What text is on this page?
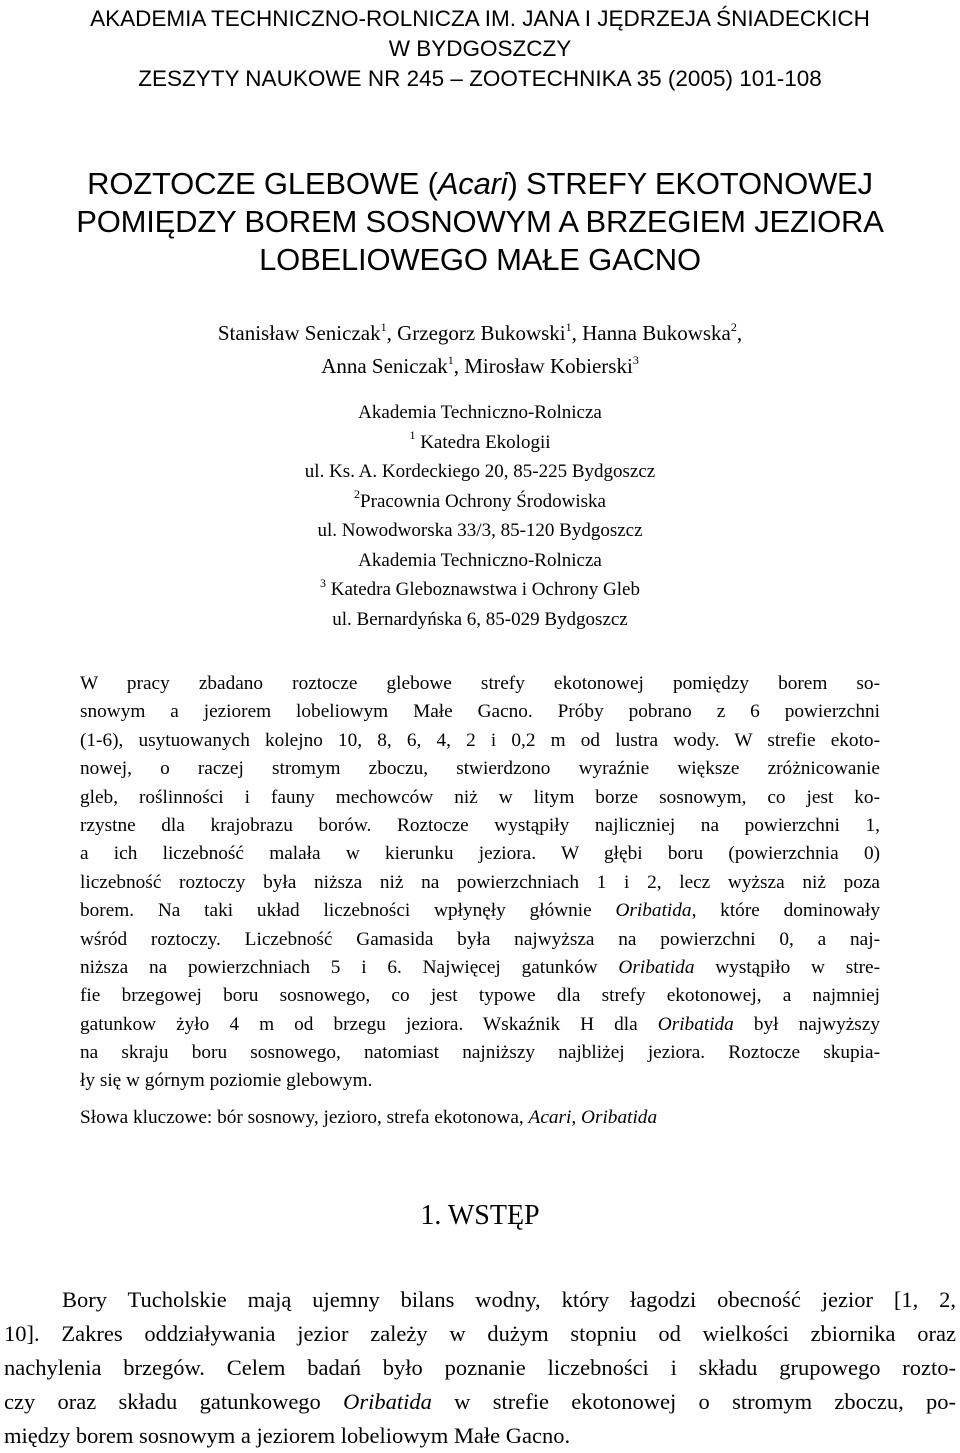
AKADEMIA TECHNICZNO-ROLNICZA IM. JANA I JĘDRZEJA ŚNIADECKICH
W BYDGOSZCZY
ZESZYTY NAUKOWE NR 245 – ZOOTECHNIKA 35 (2005) 101-108
ROZTOCZE GLEBOWE (Acari) STREFY EKOTONOWEJ
POMIĘDZY BOREM SOSNOWYM A BRZEGIEM JEZIORA
LOBELIOWEGO MAŁE GACNO
Stanisław Seniczak$^1$, Grzegorz Bukowski$^1$, Hanna Bukowska$^2$,
Anna Seniczak$^1$, Mirosław Kobierski$^3$
Akademia Techniczno-Rolnicza
$^1$ Katedra Ekologii
ul. Ks. A. Kordeckiego 20, 85-225 Bydgoszcz
$^2$Pracownia Ochrony Środowiska
ul. Nowodworska 33/3, 85-120 Bydgoszcz
Akademia Techniczno-Rolnicza
$^3$ Katedra Gleboznawstwa i Ochrony Gleb
ul. Bernardyńska 6, 85-029 Bydgoszcz
W pracy zbadano roztocze glebowe strefy ekotonowej pomiędzy borem so-
snowym a jeziorem lobeliowym Małe Gacno. Próby pobrano z 6 powierzchni
(1-6), usytuowanych kolejno 10, 8, 6, 4, 2 i 0,2 m od lustra wody. W strefie ekoto-
nowej, o raczej stromym zboczu, stwierdzono wyraźnie większe zróżnicowanie
gleb, roślinności i fauny mechowców niż w litym borze sosnowym, co jest ko-
rzystne dla krajobrazu borów. Roztocze wystąpiły najliczniej na powierzchni 1,
a ich liczebność malała w kierunku jeziora. W głębi boru (powierzchnia 0)
liczebność roztoczy była niższa niż na powierzchniach 1 i 2, lecz wyższa niż poza
borem. Na taki układ liczebności wpłynęły głównie Oribatida, które dominowały
wśród roztoczy. Liczebność Gamasida była najwyższa na powierzchni 0, a naj-
niższa na powierzchniach 5 i 6. Najwięcej gatunków Oribatida wystąpiło w stre-
fie brzegowej boru sosnowego, co jest typowe dla strefy ekotonowej, a najmniej
gatunkow żyło 4 m od brzegu jeziora. Wskaźnik H dla Oribatida był najwyższy
na skraju boru sosnowego, natomiast najniższy najbliżej jeziora. Roztocze skupia-
ły się w górnym poziomie glebowym.
Słowa kluczowe: bór sosnowy, jezioro, strefa ekotonowa, Acari, Oribatida
1. WSTĘP
Bory Tucholskie mają ujemny bilans wodny, który łagodzi obecność jezior [1, 2,
10]. Zakres oddziaływania jezior zależy w dużym stopniu od wielkości zbiornika oraz
nachylenia brzegów. Celem badań było poznanie liczebności i składu grupowego rozto-
czy oraz składu gatunkowego Oribatida w strefie ekotonowej o stromym zboczu, po-
między borem sosnowym a jeziorem lobeliowym Małe Gacno.
